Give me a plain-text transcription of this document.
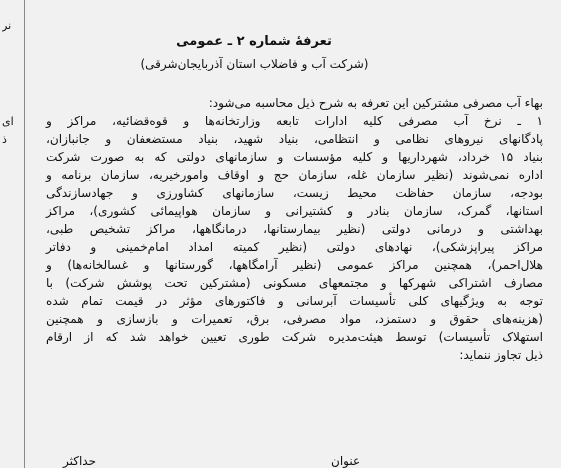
نر
ای
ذ
تعرفهٔ شماره ۲ ـ عمومی
(شرکت آب و فاضلاب استان آذربایجان‌شرقی)
بهاء آب مصرفی مشترکین این تعرفه به شرح ذیل محاسبه می‌شود:
۱ ـ نرخ آب مصرفی کلیه ادارات تابعه وزارتخانه‌ها و قوه‌قضائیه، مراکز و
پادگانهای نیروهای نظامی و انتظامی، بنیاد شهید، بنیاد مستضعفان و جانبازان،
بنیاد ۱۵ خرداد، شهرداریها و کلیه مؤسسات و سازمانهای دولتی که به صورت شرکت
اداره نمی‌شوند (نظیر سازمان غله، سازمان حج و اوقاف وامورخیریه، سازمان برنامه و
بودجه، سازمان حفاظت محیط زیست، سازمانهای کشاورزی و جهادسازندگی
استانها، گمرک، سازمان بنادر و کشتیرانی و سازمان هواپیمائی کشوری)، مراکز
بهداشتی و درمانی دولتی (نظیر بیمارستانها، درمانگاهها، مراکز تشخیص طبی،
مراکز پیراپزشکی)، نهادهای دولتی (نظیر کمیته امداد امام‌خمینی و دفاتر
هلال‌احمر)، همچنین مراکز عمومی (نظیر آرامگاهها، گورستانها و غسالخانه‌ها) و
مصارف اشتراکی شهرکها و مجتمعهای مسکونی (مشترکین تحت پوشش شرکت) با
توجه به ویژگیهای کلی تأسیسات آبرسانی و فاکتورهای مؤثر در قیمت تمام شده
(هزینه‌های حقوق و دستمزد، مواد مصرفی، برق، تعمیرات و بازسازی و همچنین
استهلاک تأسیسات) توسط هیئت‌مدیره شرکت طوری تعیین خواهد شد که از ارقام
ذیل تجاوز ننماید:
حداکثر	عنوان
